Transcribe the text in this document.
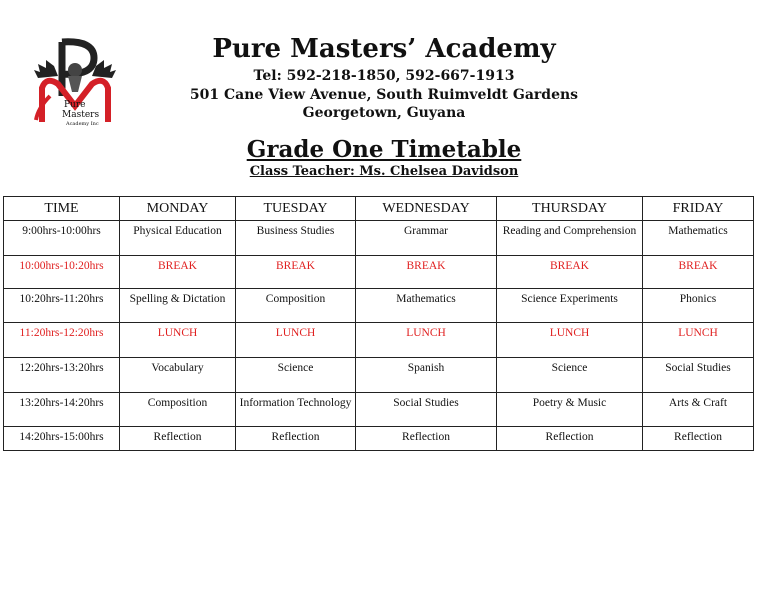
Pure
Masters
Academy Inc
Pure Masters’ Academy
Tel: 592-218-1850, 592-667-1913
501 Cane View Avenue, South Ruimveldt Gardens
Georgetown, Guyana
Grade One Timetable
Class Teacher: Ms. Chelsea Davidson
TIME	MONDAY	TUESDAY	WEDNESDAY	THURSDAY	FRIDAY
9:00hrs-10:00hrs	Physical Education	Business Studies	Grammar	Reading and Comprehension	Mathematics
10:00hrs-10:20hrs	BREAK	BREAK	BREAK	BREAK	BREAK
10:20hrs-11:20hrs	Spelling & Dictation	Composition	Mathematics	Science Experiments	Phonics
11:20hrs-12:20hrs	LUNCH	LUNCH	LUNCH	LUNCH	LUNCH
12:20hrs-13:20hrs	Vocabulary	Science	Spanish	Science	Social Studies
13:20hrs-14:20hrs	Composition	Information Technology	Social Studies	Poetry & Music	Arts & Craft
14:20hrs-15:00hrs	Reflection	Reflection	Reflection	Reflection	Reflection
